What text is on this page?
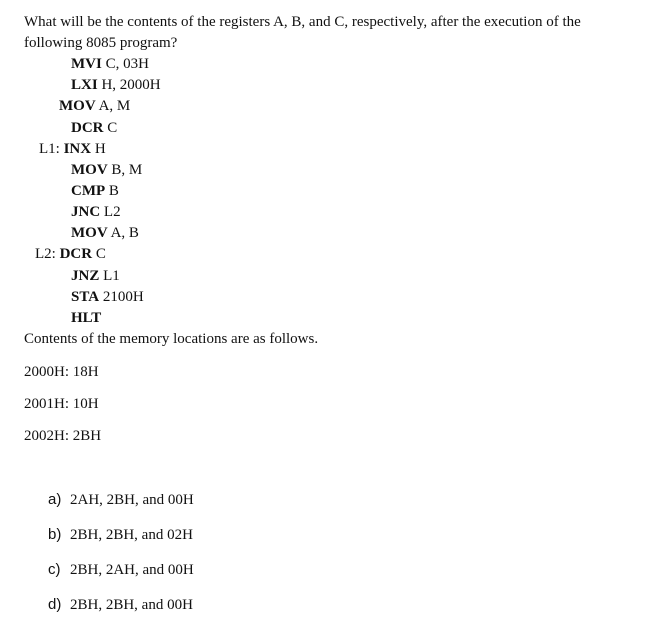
What will be the contents of the registers A, B, and C, respectively, after the execution of the
following 8085 program?
MVI C, 03H
LXI H, 2000H
MOV A, M
DCR C
L1: INX H
MOV B, M
CMP B
JNC L2
MOV A, B
L2: DCR C
JNZ L1
STA 2100H
HLT
Contents of the memory locations are as follows.
2000H: 18H
2001H: 10H
2002H: 2BH
a) 2AH, 2BH, and 00H
b) 2BH, 2BH, and 02H
c) 2BH, 2AH, and 00H
d) 2BH, 2BH, and 00H
